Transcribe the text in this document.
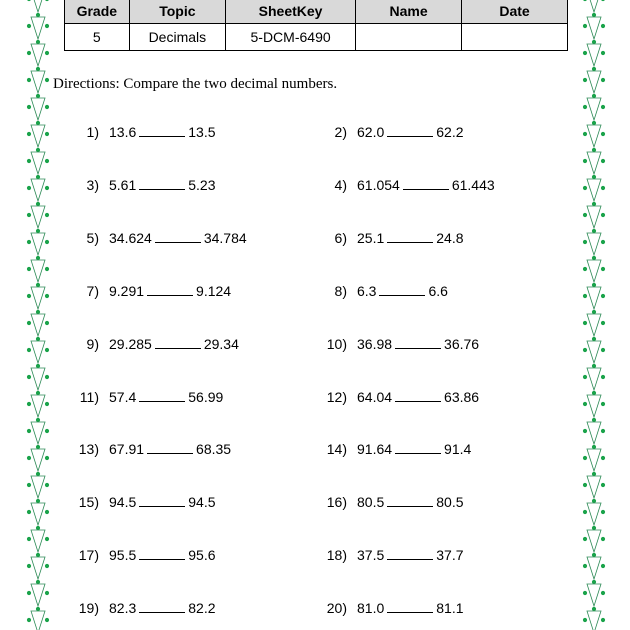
Grade	Topic	SheetKey	Name	Date
5	Decimals	5-DCM-6490		
Directions: Compare the two decimal numbers.
1) 13.6	13.5	2) 62.0	62.2
3) 5.61	5.23	4) 61.054	61.443
5) 34.624	34.784	6) 25.1	24.8
7) 9.291	9.124	8) 6.3	6.6
9) 29.285	29.34	10) 36.98	36.76
11) 57.4	56.99	12) 64.04	63.86
13) 67.91	68.35	14) 91.64	91.4
15) 94.5	94.5	16) 80.5	80.5
17) 95.5	95.6	18) 37.5	37.7
19) 82.3	82.2	20) 81.0	81.1
